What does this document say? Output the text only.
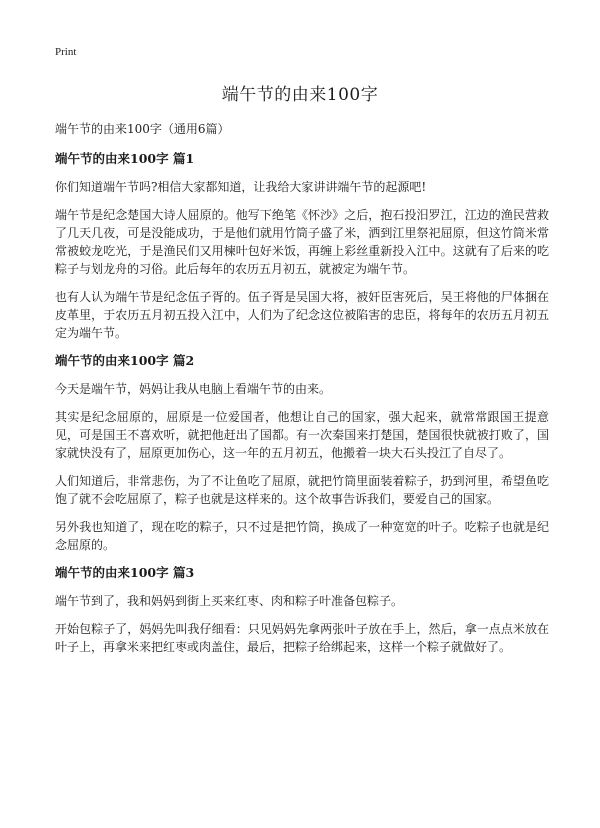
Print
端午节的由来100字

端午节的由来100字（通用6篇）

端午节的由来100字 篇1

你们知道端午节吗?相信大家都知道，让我给大家讲讲端午节的起源吧!

端午节是纪念楚国大诗人屈原的。他写下绝笔《怀沙》之后，抱石投汨罗江，江边的渔民营救了几天几夜，可是没能成功，于是他们就用竹筒子盛了米，洒到江里祭祀屈原，但这竹筒米常常被蛟龙吃光，于是渔民们又用楝叶包好米饭，再缠上彩丝重新投入江中。这就有了后来的吃粽子与划龙舟的习俗。此后每年的农历五月初五，就被定为端午节。

也有人认为端午节是纪念伍子胥的。伍子胥是吴国大将，被奸臣害死后，吴王将他的尸体捆在皮革里，于农历五月初五投入江中，人们为了纪念这位被陷害的忠臣，将每年的农历五月初五定为端午节。

端午节的由来100字 篇2

今天是端午节，妈妈让我从电脑上看端午节的由来。

其实是纪念屈原的，屈原是一位爱国者，他想让自己的国家，强大起来，就常常跟国王提意见，可是国王不喜欢听，就把他赶出了国都。有一次秦国来打楚国，楚国很快就被打败了，国家就快没有了，屈原更加伤心，这一年的五月初五，他搬着一块大石头投江了自尽了。

人们知道后，非常悲伤，为了不让鱼吃了屈原，就把竹筒里面装着粽子，扔到河里，希望鱼吃饱了就不会吃屈原了，粽子也就是这样来的。这个故事告诉我们，要爱自己的国家。

另外我也知道了，现在吃的粽子，只不过是把竹筒，换成了一种宽宽的叶子。吃粽子也就是纪念屈原的。

端午节的由来100字 篇3

端午节到了，我和妈妈到街上买来红枣、肉和粽子叶准备包粽子。

开始包粽子了，妈妈先叫我仔细看：只见妈妈先拿两张叶子放在手上，然后，拿一点点米放在叶子上，再拿米来把红枣或肉盖住，最后，把粽子给绑起来，这样一个粽子就做好了。
